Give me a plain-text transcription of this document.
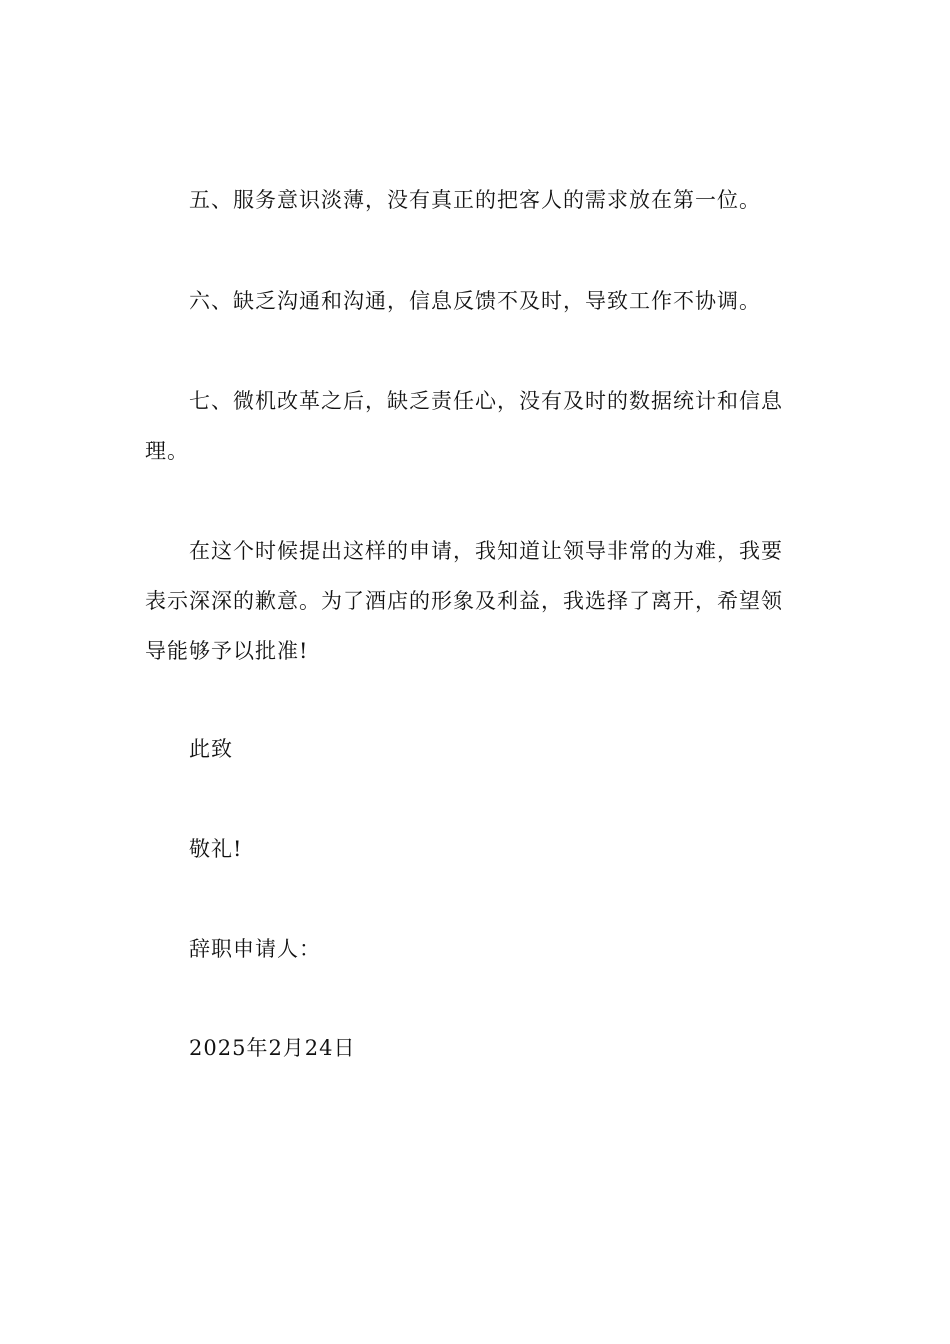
五、服务意识淡薄，没有真正的把客人的需求放在第一位。
六、缺乏沟通和沟通，信息反馈不及时，导致工作不协调。
七、微机改革之后，缺乏责任心，没有及时的数据统计和信息
理。
在这个时候提出这样的申请，我知道让领导非常的为难，我要
表示深深的歉意。为了酒店的形象及利益，我选择了离开，希望领
导能够予以批准!
此致
敬礼!
辞职申请人：
2025年2月24日
